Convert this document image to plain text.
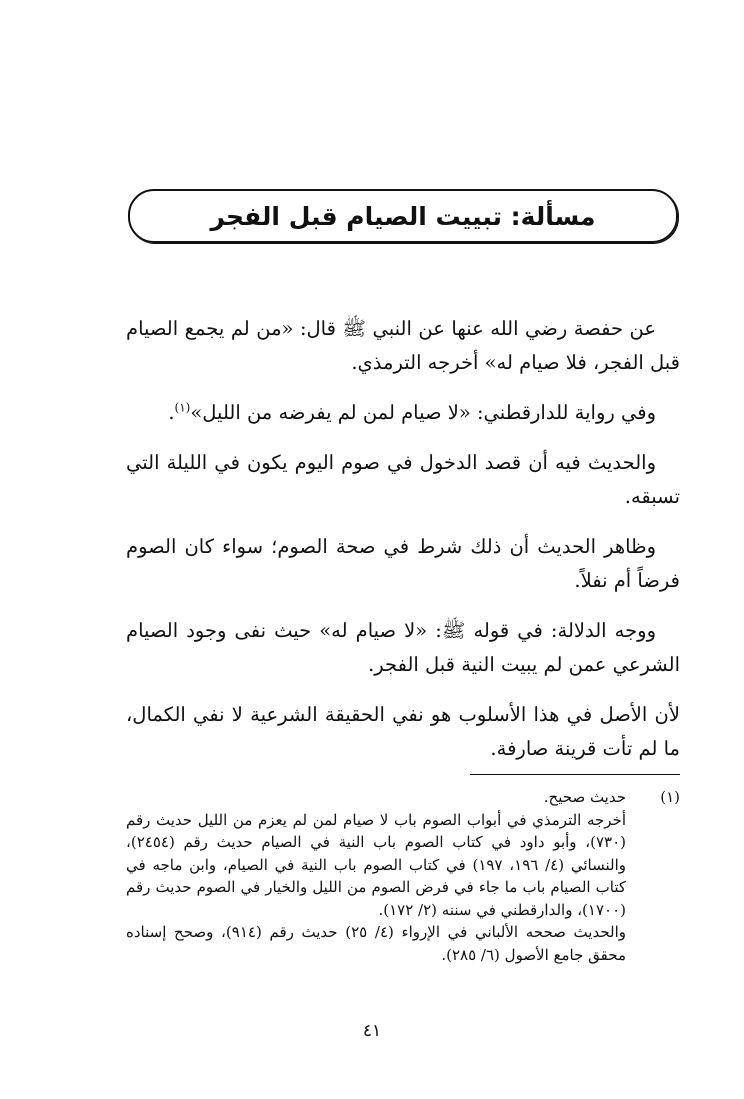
مسألة: تبييت الصيام قبل الفجر

عن حفصة رضي الله عنها عن النبي ﷺ قال: «من لم يجمع الصيام قبل الفجر، فلا صيام له» أخرجه الترمذي.

وفي رواية للدارقطني: «لا صيام لمن لم يفرضه من الليل»$^{(١)}$.

والحديث فيه أن قصد الدخول في صوم اليوم يكون في الليلة التي تسبقه.

وظاهر الحديث أن ذلك شرط في صحة الصوم؛ سواء كان الصوم فرضاً أم نفلاً.

ووجه الدلالة: في قوله ﷺ: «لا صيام له» حيث نفى وجود الصيام الشرعي عمن لم يبيت النية قبل الفجر.

لأن الأصل في هذا الأسلوب هو نفي الحقيقة الشرعية لا نفي الكمال، ما لم تأت قرينة صارفة.

(١)

حديث صحيح.

أخرجه الترمذي في أبواب الصوم باب لا صيام لمن لم يعزم من الليل حديث رقم (٧٣٠)، وأبو داود في كتاب الصوم باب النية في الصيام حديث رقم (٢٤٥٤)، والنسائي (٤/ ١٩٦، ١٩٧) في كتاب الصوم باب النية في الصيام، وابن ماجه في كتاب الصيام باب ما جاء في فرض الصوم من الليل والخيار في الصوم حديث رقم (١٧٠٠)، والدارقطني في سننه (٢/ ١٧٢).

والحديث صححه الألباني في الإرواء (٤/ ٢٥) حديث رقم (٩١٤)، وصحح إسناده محقق جامع الأصول (٦/ ٢٨٥).

٤١
